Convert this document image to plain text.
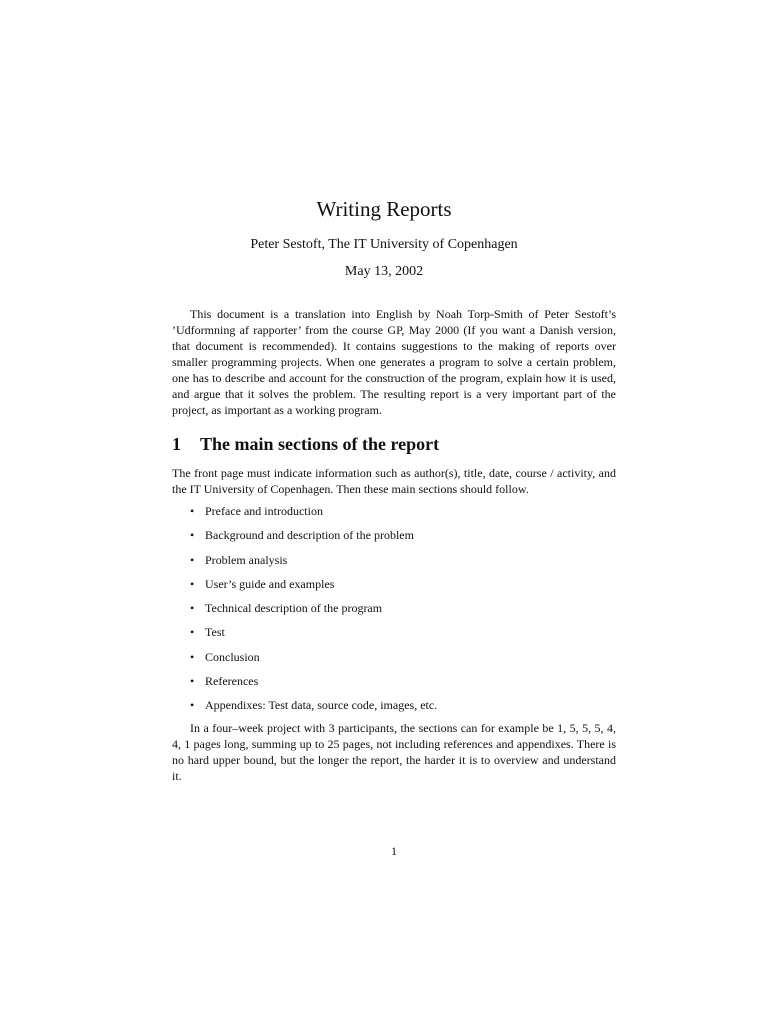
Writing Reports
Peter Sestoft, The IT University of Copenhagen
May 13, 2002

This document is a translation into English by Noah Torp-Smith of Peter Sestoft’s ’Udformning af rapporter’ from the course GP, May 2000 (If you want a Danish version, that document is recommended). It contains suggestions to the making of reports over smaller programming projects. When one generates a program to solve a certain problem, one has to describe and account for the construction of the program, explain how it is used, and argue that it solves the problem. The resulting report is a very important part of the project, as important as a working program.

1 The main sections of the report

The front page must indicate information such as author(s), title, date, course / activity, and the IT University of Copenhagen. Then these main sections should follow.

• Preface and introduction
• Background and description of the problem
• Problem analysis
• User’s guide and examples
• Technical description of the program
• Test
• Conclusion
• References
• Appendixes: Test data, source code, images, etc.

In a four–week project with 3 participants, the sections can for example be 1, 5, 5, 5, 4, 4, 1 pages long, summing up to 25 pages, not including references and appendixes. There is no hard upper bound, but the longer the report, the harder it is to overview and understand it.

1
